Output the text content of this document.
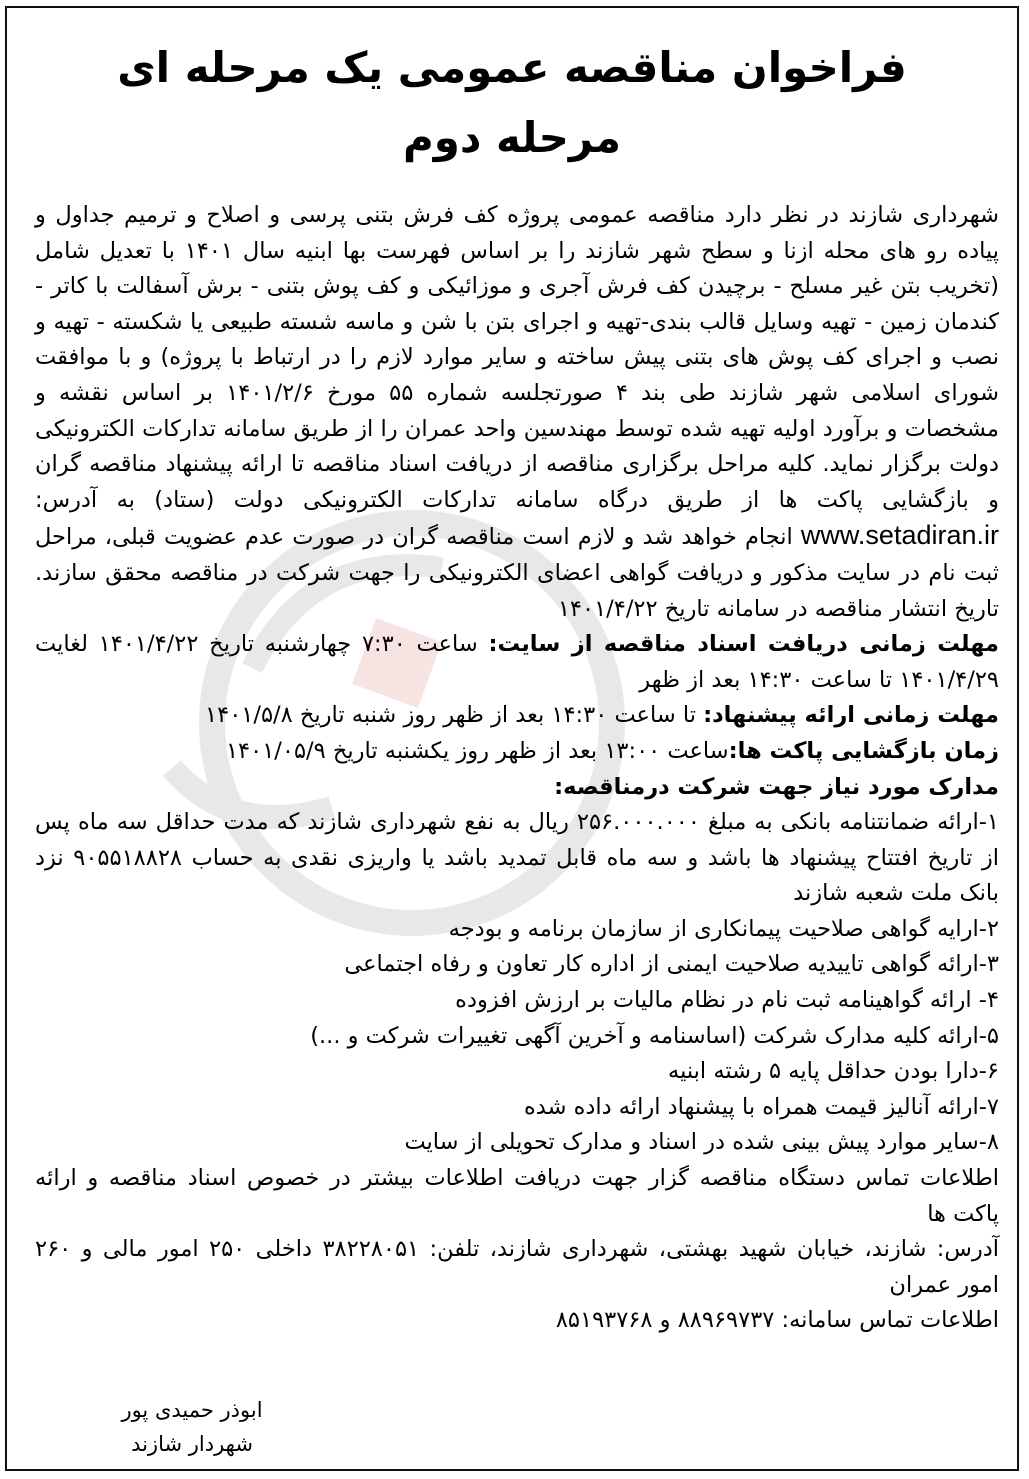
فراخوان مناقصه عمومی یک مرحله ای
مرحله دوم

شهرداری شازند در نظر دارد مناقصه عمومی پروژه کف فرش بتنی پرسی و اصلاح و ترمیم جداول و پیاده رو های محله ازنا و سطح شهر شازند را بر اساس فهرست بها ابنیه سال ۱۴۰۱ با تعدیل شامل (تخریب بتن غیر مسلح - برچیدن کف فرش آجری و موزائیکی و کف پوش بتنی - برش آسفالت با کاتر - کندمان زمین - تهیه وسایل قالب بندی-تهیه و اجرای بتن با شن و ماسه شسته طبیعی یا شکسته - تهیه و نصب و اجرای کف پوش های بتنی پیش ساخته و سایر موارد لازم را در ارتباط با پروژه) و با موافقت شورای اسلامی شهر شازند طی بند ۴ صورتجلسه شماره ۵۵ مورخ ۱۴۰۱/۲/۶ بر اساس نقشه و مشخصات و برآورد اولیه تهیه شده توسط مهندسین واحد عمران را از طریق سامانه تدارکات الکترونیکی دولت برگزار نماید. کلیه مراحل برگزاری مناقصه از دریافت اسناد مناقصه تا ارائه پیشنهاد مناقصه گران و بازگشایی پاکت ها از طریق درگاه سامانه تدارکات الکترونیکی دولت (ستاد) به آدرس: www.setadiran.ir انجام خواهد شد و لازم است مناقصه گران در صورت عدم عضویت قبلی، مراحل ثبت نام در سایت مذکور و دریافت گواهی اعضای الکترونیکی را جهت شرکت در مناقصه محقق سازند. تاریخ انتشار مناقصه در سامانه تاریخ ۱۴۰۱/۴/۲۲

مهلت زمانی دریافت اسناد مناقصه از سایت: ساعت ۷:۳۰ چهارشنبه تاریخ ۱۴۰۱/۴/۲۲ لغایت ۱۴۰۱/۴/۲۹ تا ساعت ۱۴:۳۰ بعد از ظهر

مهلت زمانی ارائه پیشنهاد: تا ساعت ۱۴:۳۰ بعد از ظهر روز شنبه تاریخ ۱۴۰۱/۵/۸

زمان بازگشایی پاکت ها:ساعت ۱۳:۰۰ بعد از ظهر روز یکشنبه تاریخ ۱۴۰۱/۰۵/۹

مدارک مورد نیاز جهت شرکت درمناقصه:

۱-ارائه ضمانتنامه بانکی به مبلغ ۲۵۶.۰۰۰.۰۰۰ ریال به نفع شهرداری شازند که مدت حداقل سه ماه پس از تاریخ افتتاح پیشنهاد ها باشد و سه ماه قابل تمدید باشد یا واریزی نقدی به حساب ۹۰۵۵۱۸۸۲۸ نزد بانک ملت شعبه شازند

۲-ارایه گواهی صلاحیت پیمانکاری از سازمان برنامه و بودجه

۳-ارائه گواهی تاییدیه صلاحیت ایمنی از اداره کار تعاون و رفاه اجتماعی

۴- ارائه گواهینامه ثبت نام در نظام مالیات بر ارزش افزوده

۵-ارائه کلیه مدارک شرکت (اساسنامه و آخرین آگهی تغییرات شرکت و ...)

۶-دارا بودن حداقل پایه ۵ رشته ابنیه

۷-ارائه آنالیز قیمت همراه با پیشنهاد ارائه داده شده

۸-سایر موارد پیش بینی شده در اسناد و مدارک تحویلی از سایت

اطلاعات تماس دستگاه مناقصه گزار جهت دریافت اطلاعات بیشتر در خصوص اسناد مناقصه و ارائه پاکت ها

آدرس: شازند، خیابان شهید بهشتی، شهرداری شازند، تلفن: ۳۸۲۲۸۰۵۱ داخلی ۲۵۰ امور مالی و ۲۶۰ امور عمران

اطلاعات تماس سامانه: ۸۸۹۶۹۷۳۷ و ۸۵۱۹۳۷۶۸

ابوذر حمیدی پور
شهردار شازند
